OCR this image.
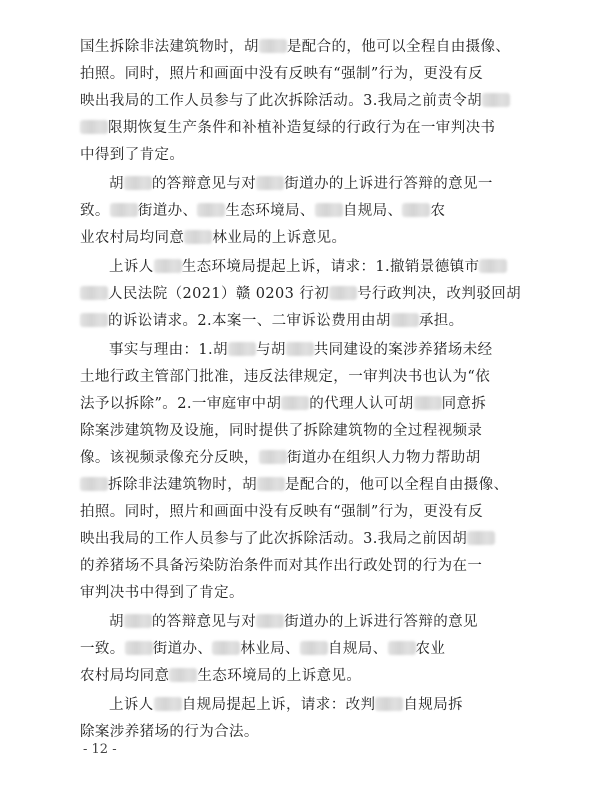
国生拆除非法建筑物时，胡 是配合的，他可以全程自由摄像、
拍照。同时，照片和画面中没有反映有“强制”行为，更没有反
映出我局的工作人员参与了此次拆除活动。3.我局之前责令胡
限期恢复生产条件和补植补造复绿的行政行为在一审判决书
中得到了肯定。
胡 的答辩意见与对 街道办的上诉进行答辩的意见一
致。 街道办、 生态环境局、 自规局、 农
业农村局均同意 林业局的上诉意见。
上诉人 生态环境局提起上诉，请求：1.撤销景德镇市
人民法院（2021）赣 0203 行初 号行政判决，改判驳回胡
的诉讼请求。2.本案一、二审诉讼费用由胡 承担。
事实与理由：1.胡 与胡 共同建设的案涉养猪场未经
土地行政主管部门批准，违反法律规定，一审判决书也认为“依
法予以拆除”。2.一审庭审中胡 的代理人认可胡 同意拆
除案涉建筑物及设施，同时提供了拆除建筑物的全过程视频录
像。该视频录像充分反映， 街道办在组织人力物力帮助胡
拆除非法建筑物时，胡 是配合的，他可以全程自由摄像、
拍照。同时，照片和画面中没有反映有“强制”行为，更没有反
映出我局的工作人员参与了此次拆除活动。3.我局之前因胡
的养猪场不具备污染防治条件而对其作出行政处罚的行为在一
审判决书中得到了肯定。
胡 的答辩意见与对 街道办的上诉进行答辩的意见
一致。 街道办、 林业局、 自规局、 农业
农村局均同意 生态环境局的上诉意见。
上诉人 自规局提起上诉，请求：改判 自规局拆
除案涉养猪场的行为合法。
- 12 -
